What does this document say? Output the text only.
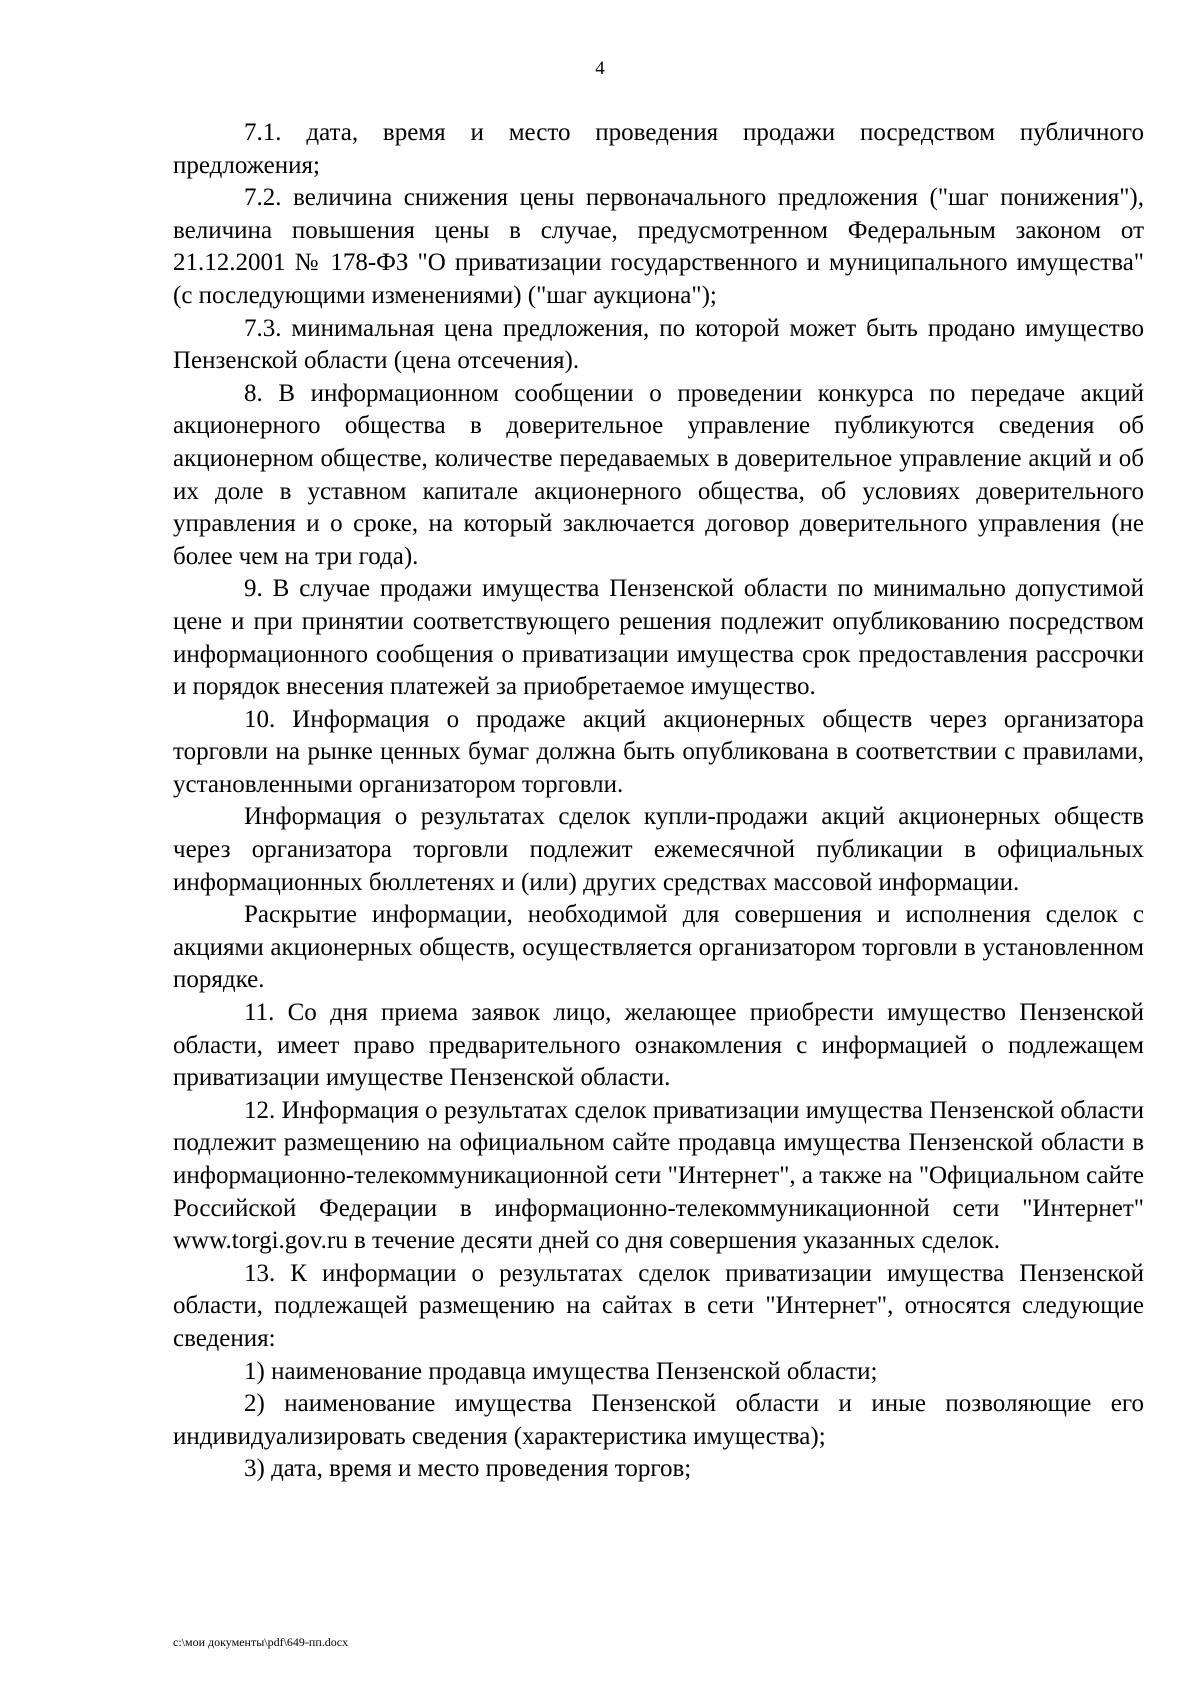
4

7.1. дата, время и место проведения продажи посредством публичного предложения;

7.2. величина снижения цены первоначального предложения ("шаг понижения"), величина повышения цены в случае, предусмотренном Федеральным законом от 21.12.2001 № 178-ФЗ "О приватизации государственного и муниципального имущества" (с последующими изменениями) ("шаг аукциона");

7.3. минимальная цена предложения, по которой может быть продано имущество Пензенской области (цена отсечения).

8. В информационном сообщении о проведении конкурса по передаче акций акционерного общества в доверительное управление публикуются сведения об акционерном обществе, количестве передаваемых в доверительное управление акций и об их доле в уставном капитале акционерного общества, об условиях доверительного управления и о сроке, на который заключается договор доверительного управления (не более чем на три года).

9. В случае продажи имущества Пензенской области по минимально допустимой цене и при принятии соответствующего решения подлежит опубликованию посредством информационного сообщения о приватизации имущества срок предоставления рассрочки и порядок внесения платежей за приобретаемое имущество.

10. Информация о продаже акций акционерных обществ через организатора торговли на рынке ценных бумаг должна быть опубликована в соответствии с правилами, установленными организатором торговли.

Информация о результатах сделок купли-продажи акций акционерных обществ через организатора торговли подлежит ежемесячной публикации в официальных информационных бюллетенях и (или) других средствах массовой информации.

Раскрытие информации, необходимой для совершения и исполнения сделок с акциями акционерных обществ, осуществляется организатором торговли в установленном порядке.

11. Со дня приема заявок лицо, желающее приобрести имущество Пензенской области, имеет право предварительного ознакомления с информацией о подлежащем приватизации имуществе Пензенской области.

12. Информация о результатах сделок приватизации имущества Пензенской области подлежит размещению на официальном сайте продавца имущества Пензенской области в информационно-телекоммуникационной сети "Интернет", а также на "Официальном сайте Российской Федерации в информационно-телекоммуникационной сети "Интернет" www.torgi.gov.ru в течение десяти дней со дня совершения указанных сделок.

13. К информации о результатах сделок приватизации имущества Пензенской области, подлежащей размещению на сайтах в сети "Интернет", относятся следующие сведения:

1) наименование продавца имущества Пензенской области;

2) наименование имущества Пензенской области и иные позволяющие его индивидуализировать сведения (характеристика имущества);

3) дата, время и место проведения торгов;

c:\мои документы\pdf\649-пп.docx
